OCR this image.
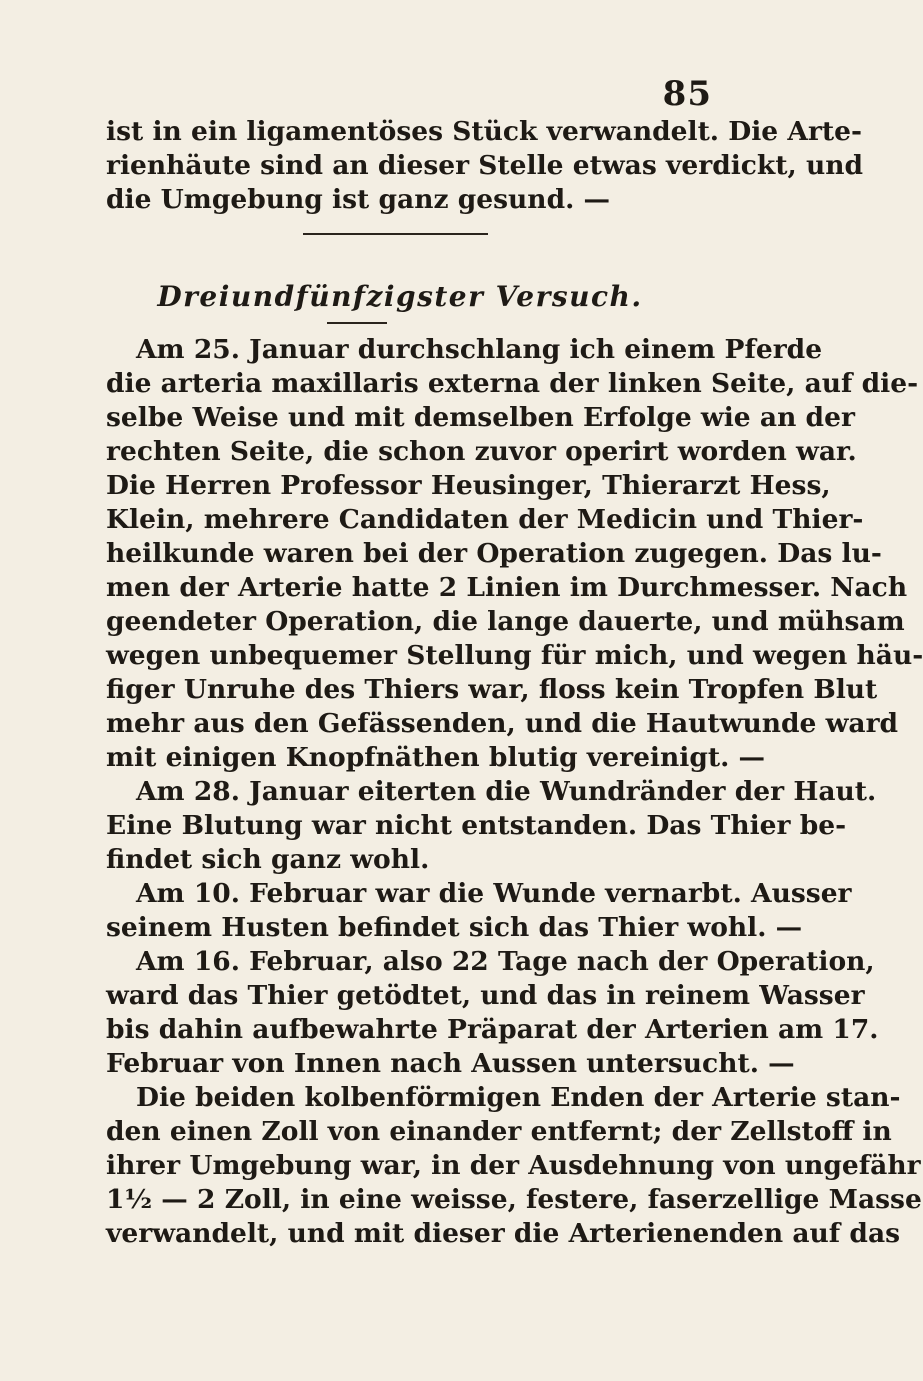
85
ist in ein ligamentöses Stück verwandelt. Die Arte-
rienhäute sind an dieser Stelle etwas verdickt, und
die Umgebung ist ganz gesund. —
Dreiundfünfzigster Versuch.
Am 25. Januar durchschlang ich einem Pferde
die arteria maxillaris externa der linken Seite, auf die-
selbe Weise und mit demselben Erfolge wie an der
rechten Seite, die schon zuvor operirt worden war.
Die Herren Professor Heusinger, Thierarzt Hess,
Klein, mehrere Candidaten der Medicin und Thier-
heilkunde waren bei der Operation zugegen. Das lu-
men der Arterie hatte 2 Linien im Durchmesser. Nach
geendeter Operation, die lange dauerte, und mühsam
wegen unbequemer Stellung für mich, und wegen häu-
figer Unruhe des Thiers war, floss kein Tropfen Blut
mehr aus den Gefässenden, und die Hautwunde ward
mit einigen Knopfnäthen blutig vereinigt. —
Am 28. Januar eiterten die Wundränder der Haut.
Eine Blutung war nicht entstanden. Das Thier be-
findet sich ganz wohl.
Am 10. Februar war die Wunde vernarbt. Ausser
seinem Husten befindet sich das Thier wohl. —
Am 16. Februar, also 22 Tage nach der Operation,
ward das Thier getödtet, und das in reinem Wasser
bis dahin aufbewahrte Präparat der Arterien am 17.
Februar von Innen nach Aussen untersucht. —
Die beiden kolbenförmigen Enden der Arterie stan-
den einen Zoll von einander entfernt; der Zellstoff in
ihrer Umgebung war, in der Ausdehnung von ungefähr
1½ — 2 Zoll, in eine weisse, festere, faserzellige Masse
verwandelt, und mit dieser die Arterienenden auf das
